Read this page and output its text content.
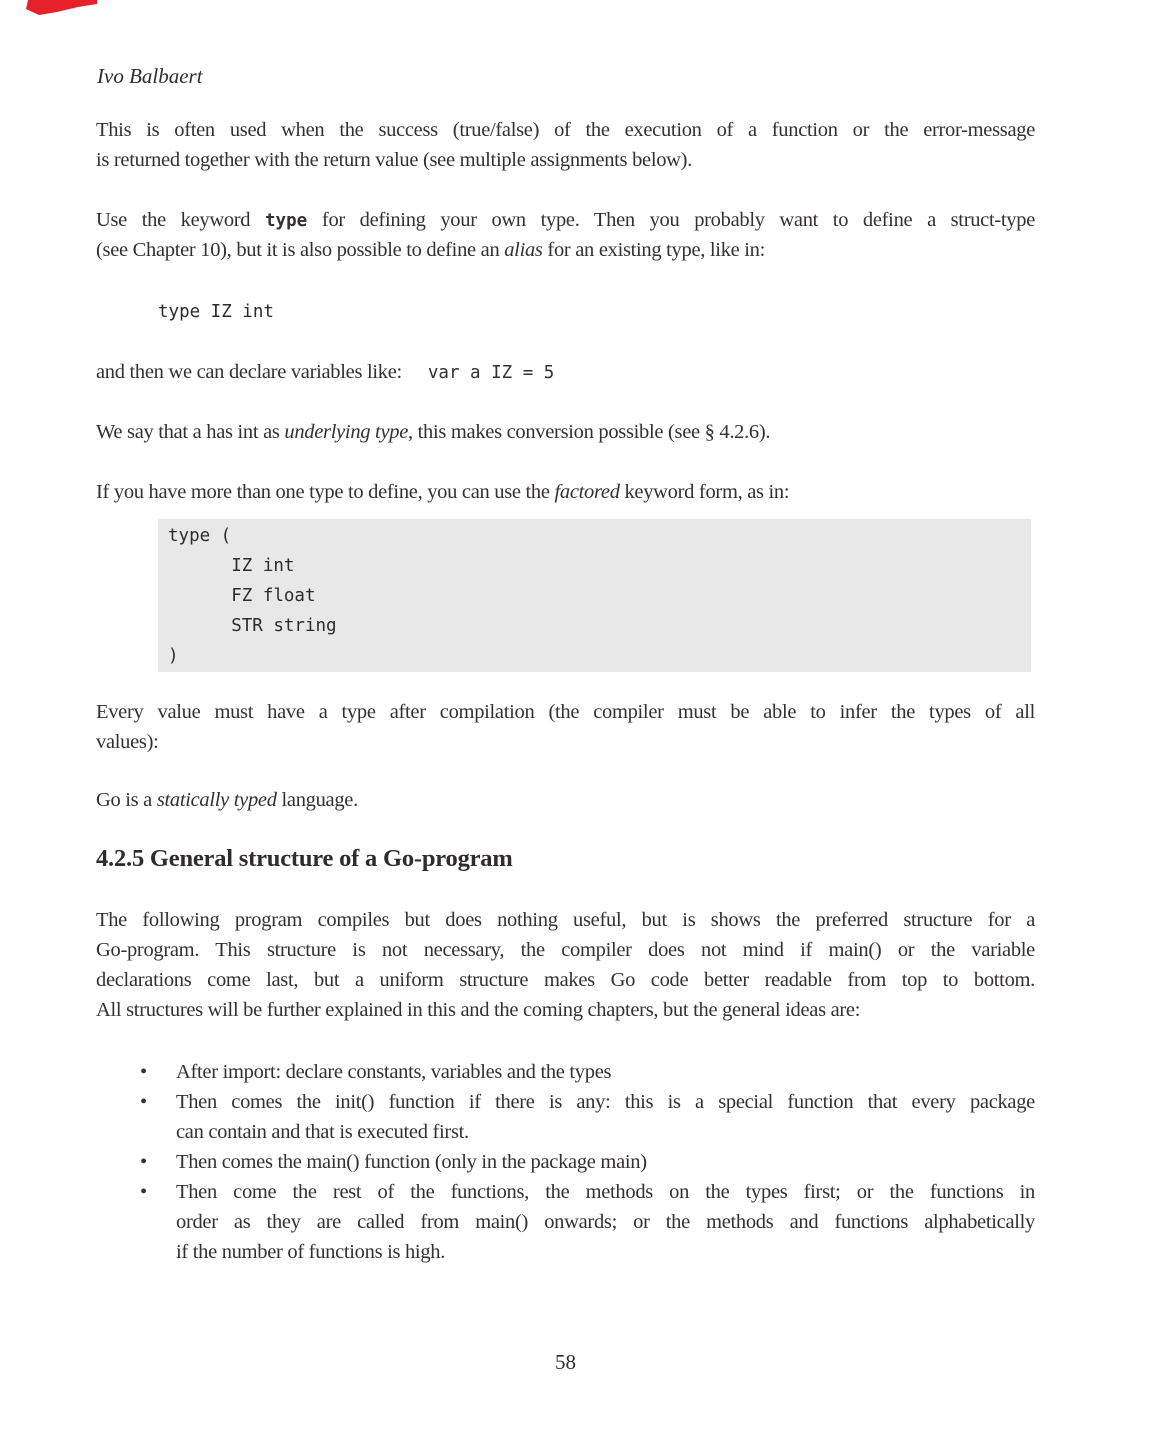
Ivo Balbaert
This is often used when the success (true/false) of the execution of a function or the error-message
is returned together with the return value (see multiple assignments below).
Use the keyword type for defining your own type. Then you probably want to define a struct-type
(see Chapter 10), but it is also possible to define an alias for an existing type, like in:
type IZ int
and then we can declare variables like: var a IZ = 5
We say that a has int as underlying type, this makes conversion possible (see § 4.2.6).
If you have more than one type to define, you can use the factored keyword form, as in:
type (
IZ int
FZ float
STR string
)
Every value must have a type after compilation (the compiler must be able to infer the types of all
values):
Go is a statically typed language.
4.2.5 General structure of a Go-program
The following program compiles but does nothing useful, but is shows the preferred structure for a
Go-program. This structure is not necessary, the compiler does not mind if main() or the variable
declarations come last, but a uniform structure makes Go code better readable from top to bottom.
All structures will be further explained in this and the coming chapters, but the general ideas are:
•	After import: declare constants, variables and the types
•	Then comes the init() function if there is any: this is a special function that every package
can contain and that is executed first.
•	Then comes the main() function (only in the package main)
•	Then come the rest of the functions, the methods on the types first; or the functions in
order as they are called from main() onwards; or the methods and functions alphabetically
if the number of functions is high.
58
